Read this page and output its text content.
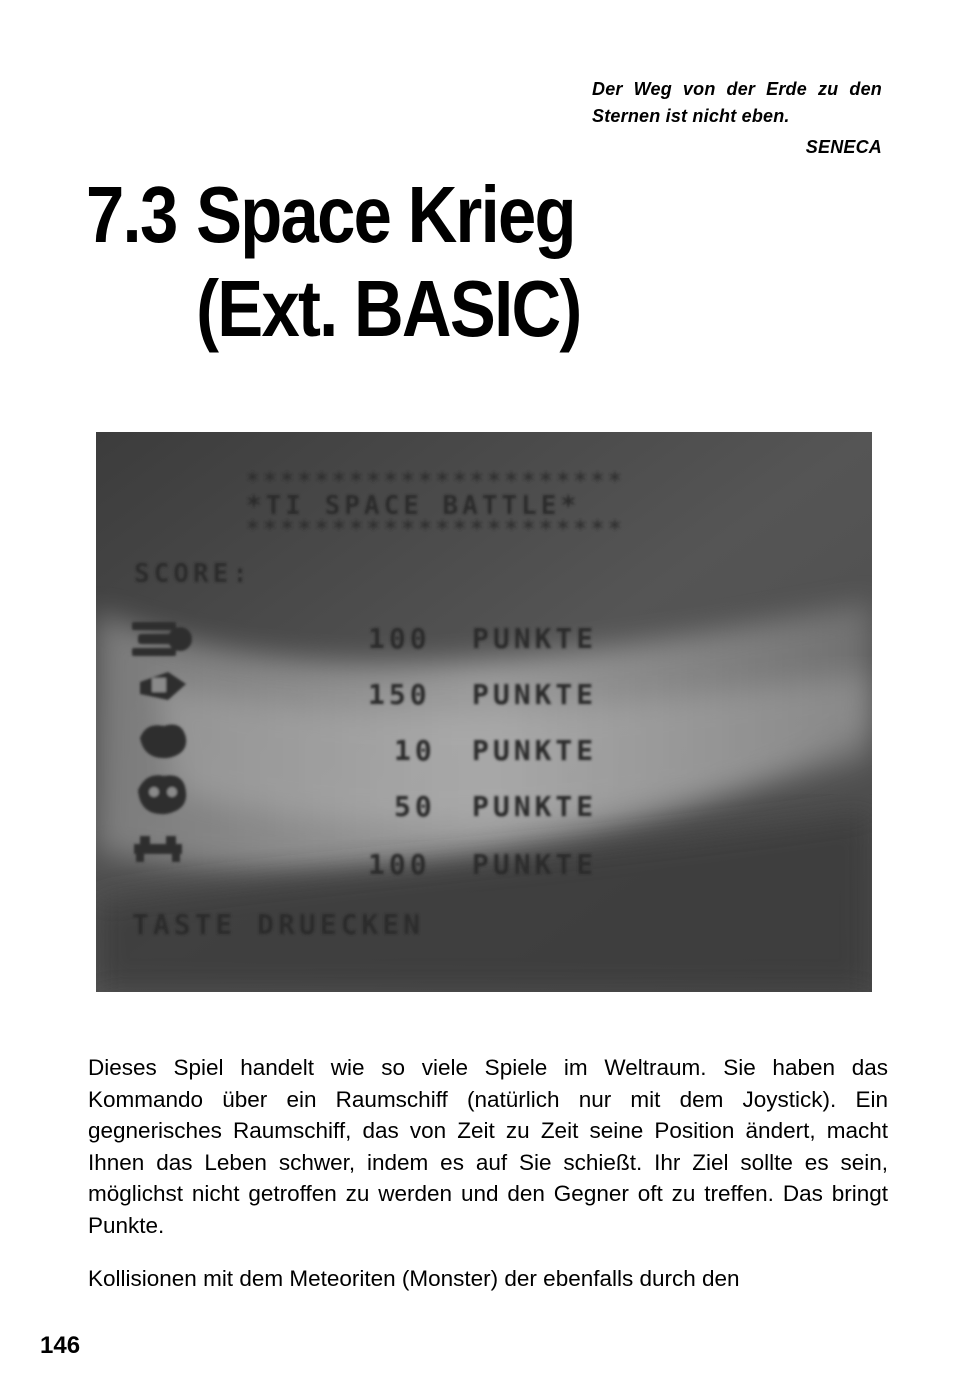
Der Weg von der Erde zu den
Sternen ist nicht eben.
SENECA
7.3 Space Krieg
(Ext. BASIC)
**********************
*TI SPACE BATTLE*
**********************
SCORE:
100 PUNKTE
150 PUNKTE
10 PUNKTE
50 PUNKTE
100 PUNKTE
TASTE DRUECKEN

Dieses Spiel handelt wie so viele Spiele im Weltraum. Sie haben das Kommando über ein Raumschiff (natürlich nur mit dem Joystick). Ein gegnerisches Raumschiff, das von Zeit zu Zeit seine Position ändert, macht Ihnen das Leben schwer, indem es auf Sie schießt. Ihr Ziel sollte es sein, möglichst nicht getroffen zu werden und den Gegner oft zu treffen. Das bringt Punkte.

Kollisionen mit dem Meteoriten (Monster) der ebenfalls durch den

146
